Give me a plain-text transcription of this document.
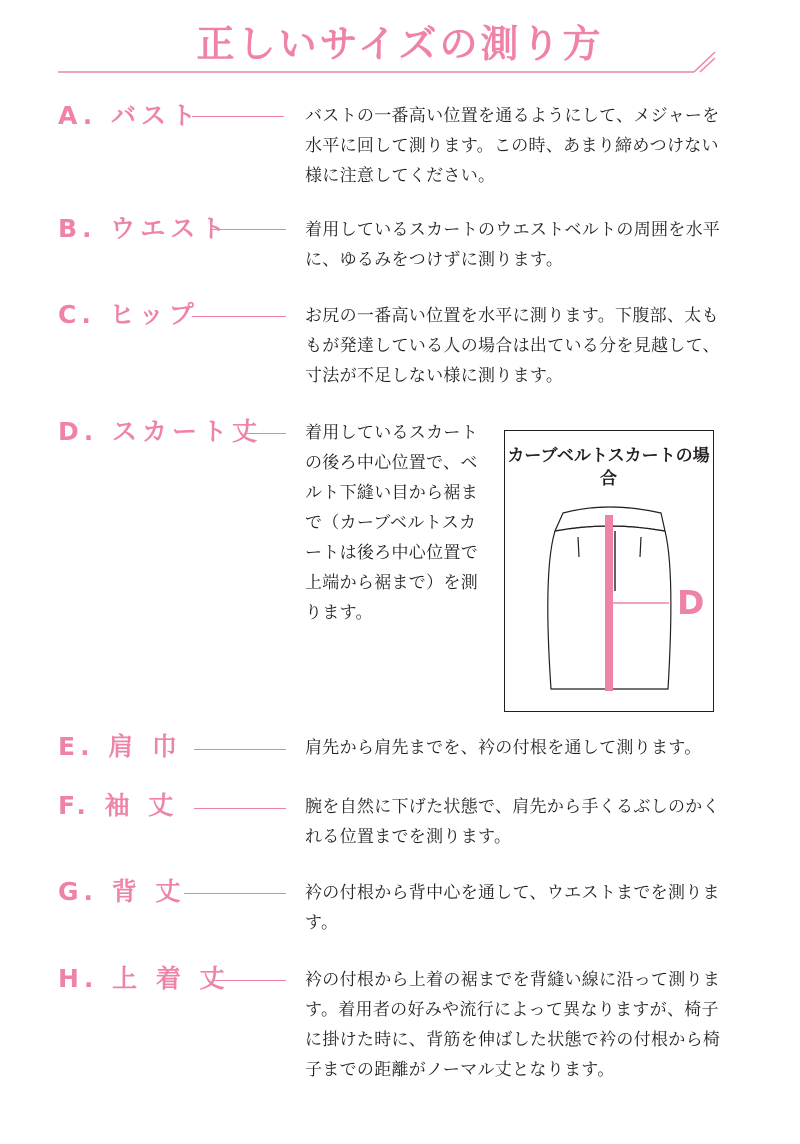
正しいサイズの測り方
A. バスト	バストの一番高い位置を通るようにして、メジャーを水平に回して測ります。この時、あまり締めつけない様に注意してください。

B. ウエスト	着用しているスカートのウエストベルトの周囲を水平に、ゆるみをつけずに測ります。

C. ヒップ	お尻の一番高い位置を水平に測ります。下腹部、太ももが発達している人の場合は出ている分を見越して、寸法が不足しない様に測ります。

D. スカート丈	着用しているスカートの後ろ中心位置で、ベルト下縫い目から裾まで（カーブベルトスカートは後ろ中心位置で上端から裾まで）を測ります。

カーブベルトスカートの場合
D
E. 肩 巾	肩先から肩先までを、衿の付根を通して測ります。

F. 袖 丈	腕を自然に下げた状態で、肩先から手くるぶしのかくれる位置までを測ります。

G. 背 丈	衿の付根から背中心を通して、ウエストまでを測ります。

H. 上 着 丈	衿の付根から上着の裾までを背縫い線に沿って測ります。着用者の好みや流行によって異なりますが、椅子に掛けた時に、背筋を伸ばした状態で衿の付根から椅子までの距離がノーマル丈となります。
